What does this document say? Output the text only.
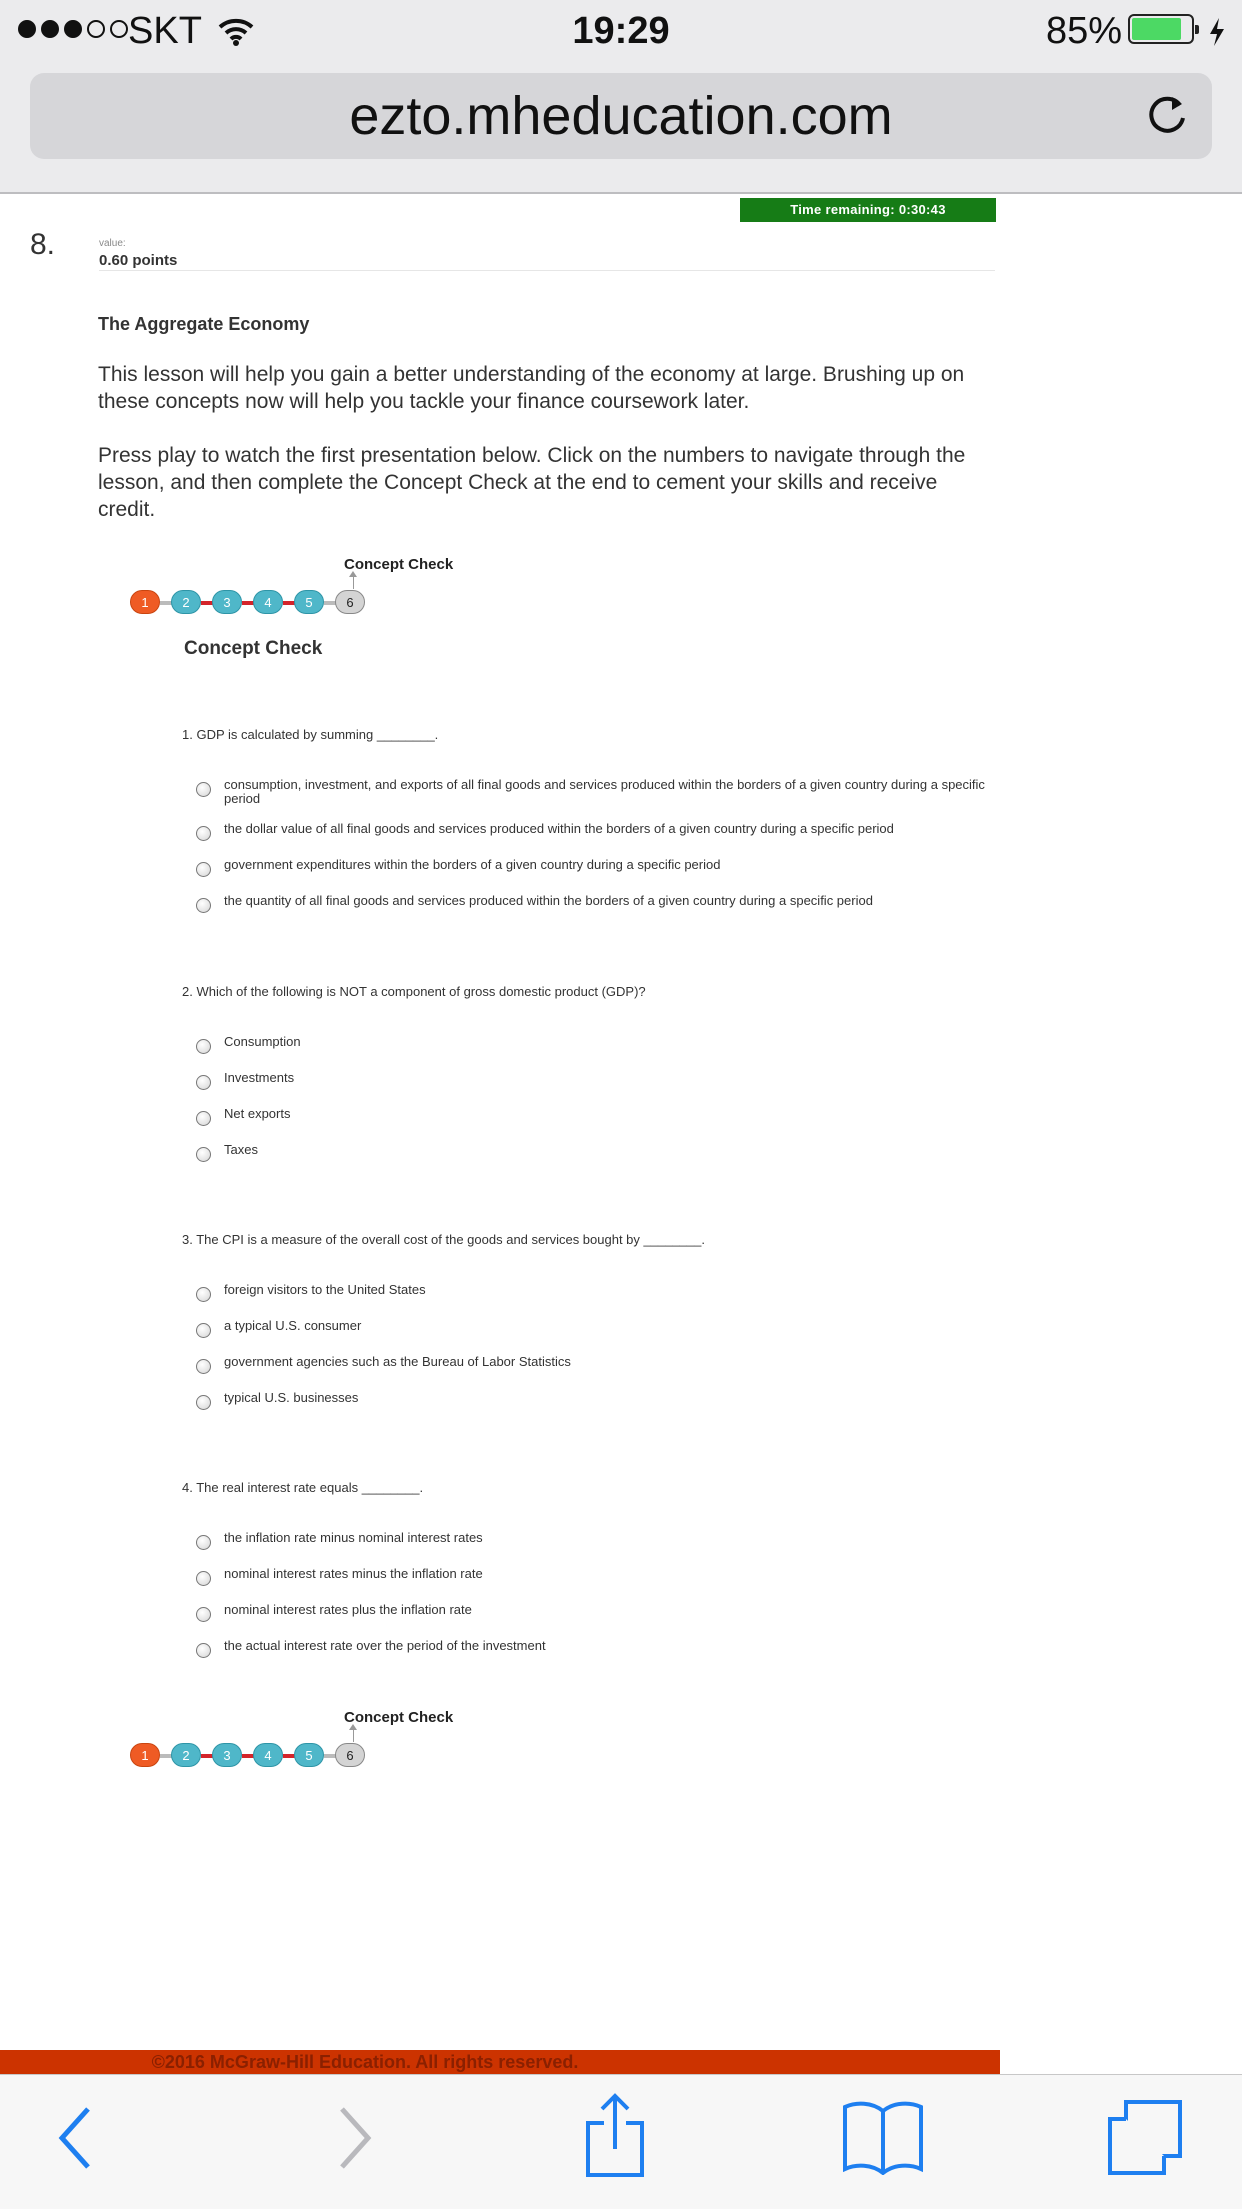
SKT	19:29	85%
ezto.mheducation.com
Time remaining: 0:30:43
8.	value:
0.60 points
The Aggregate Economy
This lesson will help you gain a better understanding of the economy at large. Brushing up on these concepts now will help you tackle your finance coursework later.
Press play to watch the first presentation below. Click on the numbers to navigate through the lesson, and then complete the Concept Check at the end to cement your skills and receive credit.
Concept Check
1	2	3	4	5	6
Concept Check
1. GDP is calculated by summing ________.
consumption, investment, and exports of all final goods and services produced within the borders of a given country during a specific period
the dollar value of all final goods and services produced within the borders of a given country during a specific period
government expenditures within the borders of a given country during a specific period
the quantity of all final goods and services produced within the borders of a given country during a specific period
2. Which of the following is NOT a component of gross domestic product (GDP)?
Consumption
Investments
Net exports
Taxes
3. The CPI is a measure of the overall cost of the goods and services bought by ________.
foreign visitors to the United States
a typical U.S. consumer
government agencies such as the Bureau of Labor Statistics
typical U.S. businesses
4. The real interest rate equals ________.
the inflation rate minus nominal interest rates
nominal interest rates minus the inflation rate
nominal interest rates plus the inflation rate
the actual interest rate over the period of the investment
Concept Check
1	2	3	4	5	6
©2016 McGraw-Hill Education. All rights reserved.
